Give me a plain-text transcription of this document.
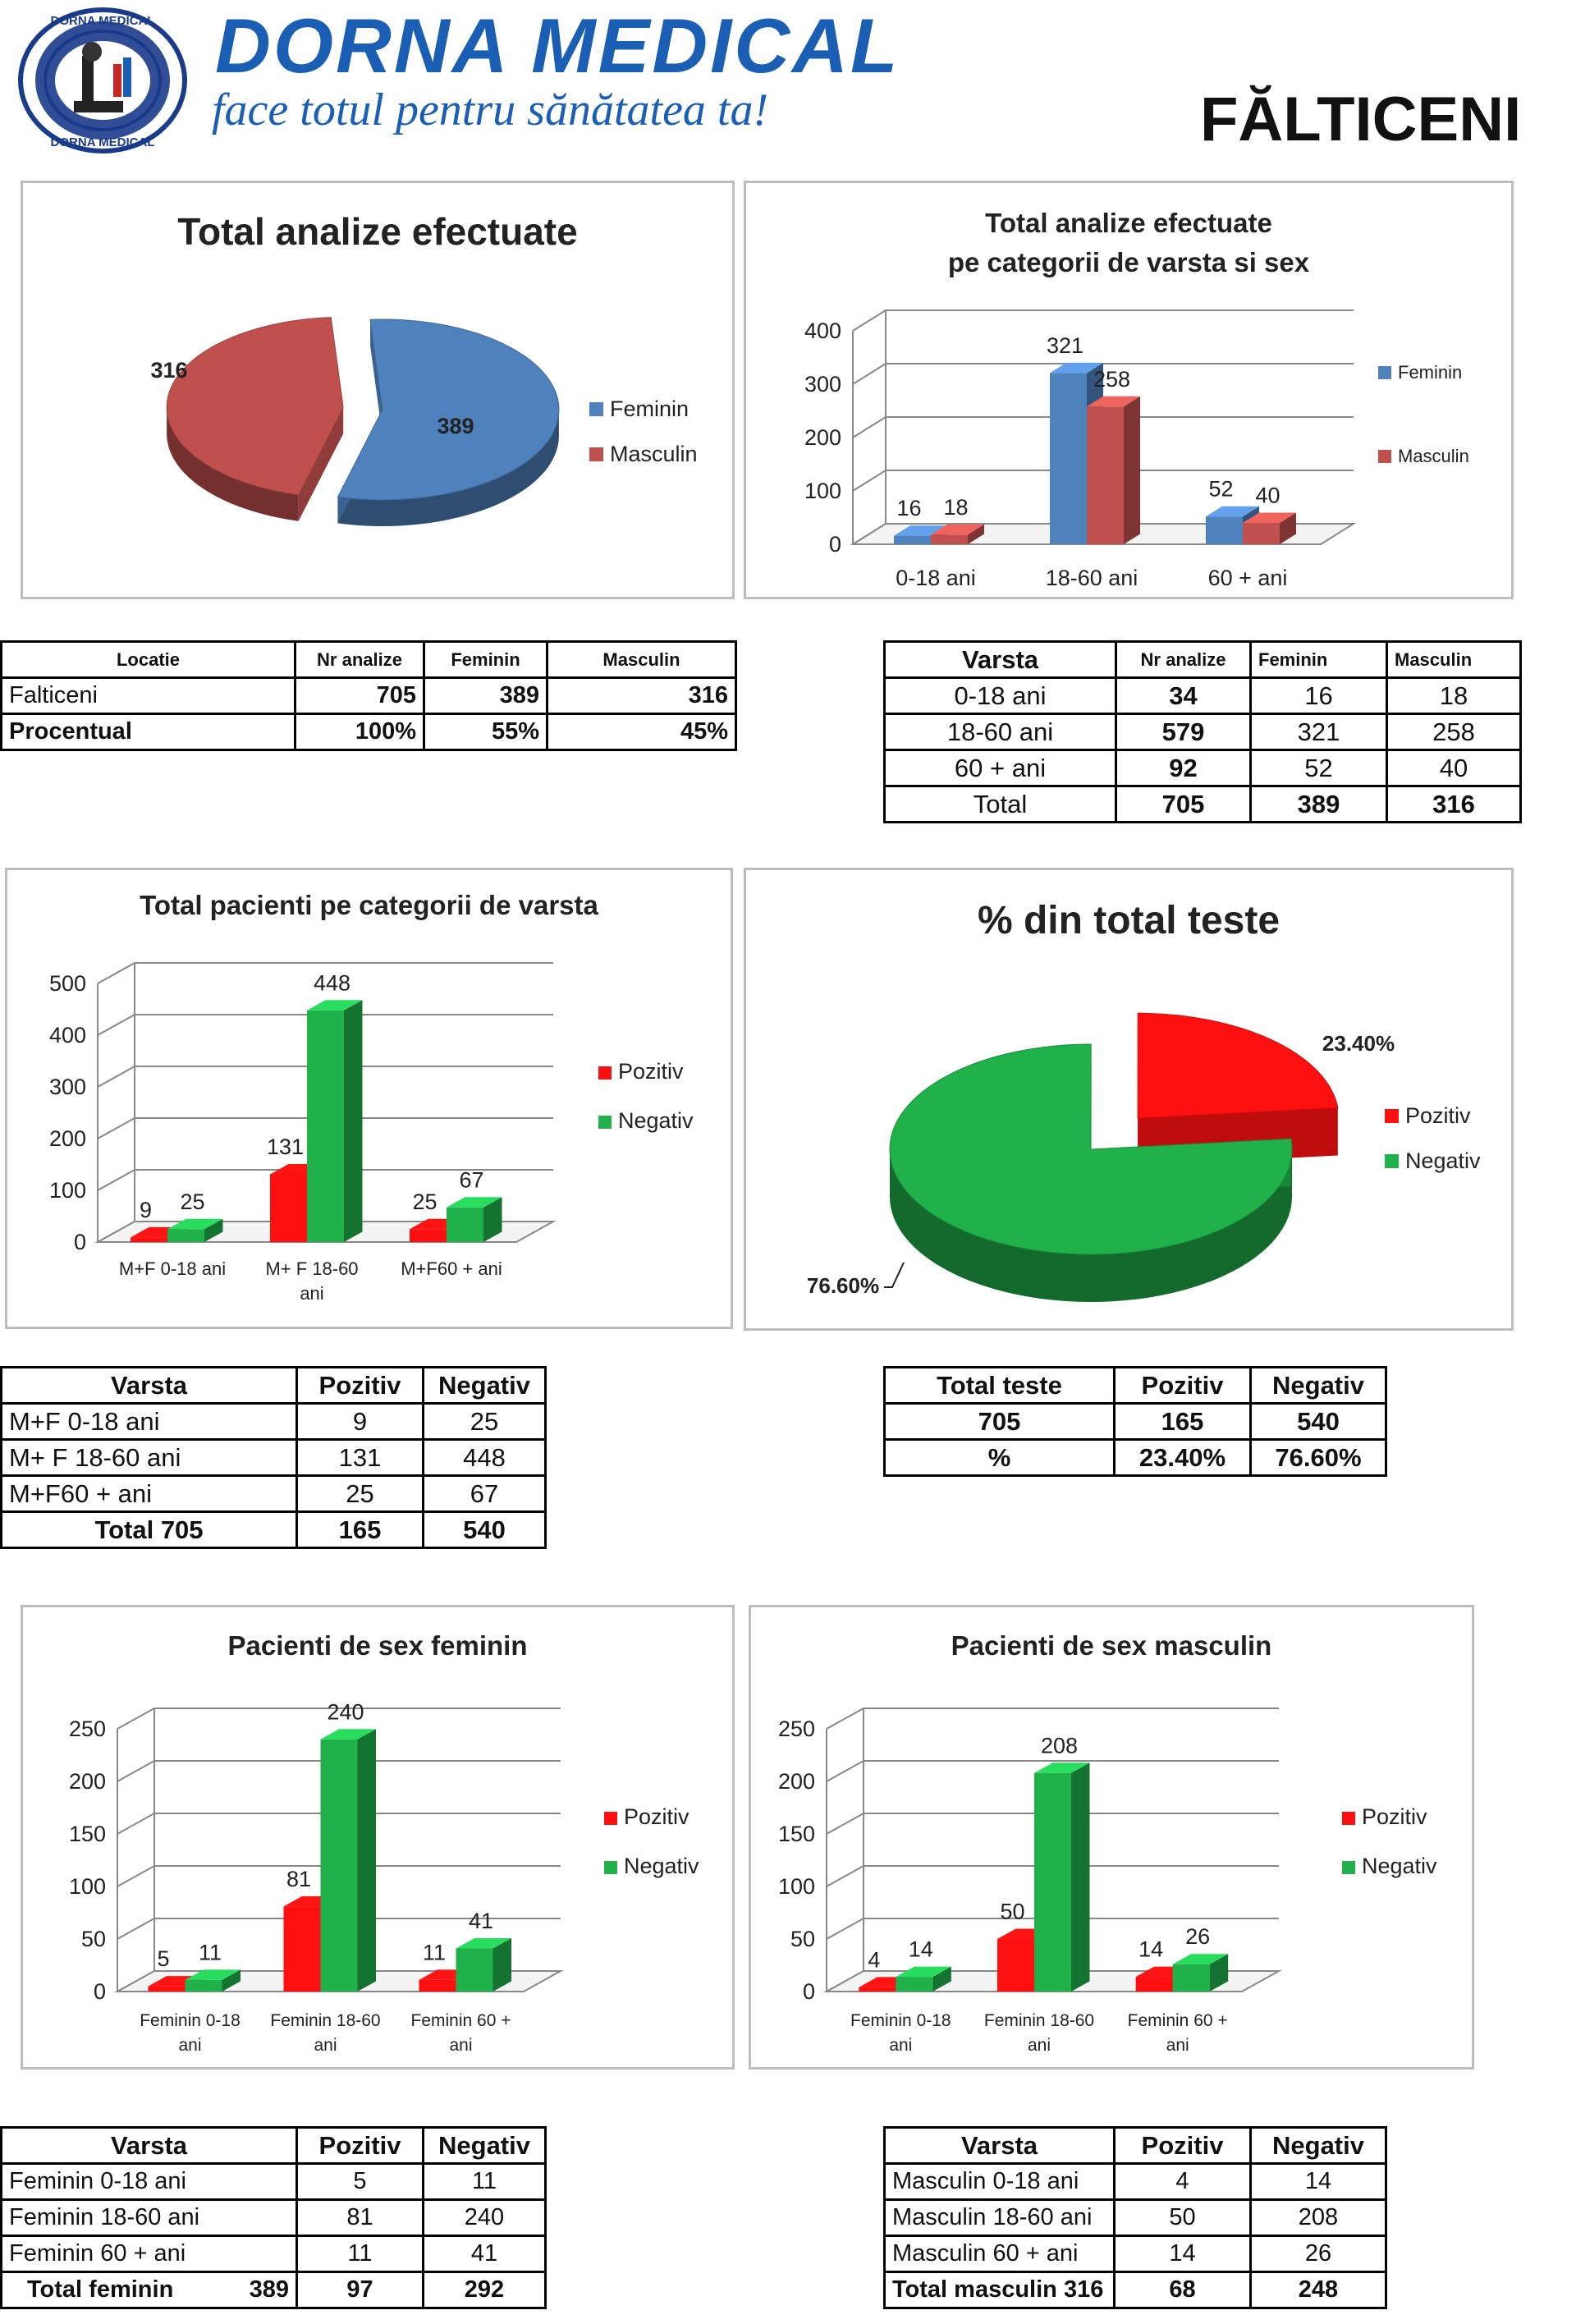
DORNA MEDICAL
DORNA MEDICAL
DORNA MEDICAL
face totul pentru sănătatea ta!	FĂLTICENI
Total analize efectuate
389
316
Feminin
Masculin
Total analize efectuate
pe categorii de varsta si sex
0
100
200
300
400
16 18
0-18 ani
321
258
18-60 ani
52 40
60 + ani
Feminin
Masculin
Locatie	Nr analize	Feminin	Masculin
Falticeni	705	389	316
Procentual	100%	55%	45%
Varsta	Nr analize	Feminin	Masculin
0-18 ani	34	16	18
18-60 ani	579	321	258
60 + ani	92	52	40
Total	705	389	316
Total pacienti pe categorii de varsta
0
100
200
300
400
500
9 25
M+F 0-18 ani
131
448
M+ F 18-60
ani
25
67
M+F60 + ani
Pozitiv
Negativ
% din total teste
23.40%
76.60%
Pozitiv
Negativ
Varsta	Pozitiv	Negativ
M+F 0-18 ani	9	25
M+ F 18-60 ani	131	448
M+F60 + ani	25	67
Total 705	165	540
Total teste	Pozitiv	Negativ
705	165	540
%	23.40%	76.60%
Pacienti de sex feminin
0
50
100
150
200
250
5 11
Feminin 0-18
ani
81
240
Feminin 18-60
ani
11
41
Feminin 60 +
ani
Pozitiv
Negativ
Pacienti de sex masculin
0
50
100
150
200
250
4 14
Feminin 0-18
ani
50
208
Feminin 18-60
ani
14
26
Feminin 60 +
ani
Pozitiv
Negativ
Varsta	Pozitiv	Negativ
Feminin 0-18 ani	5	11
Feminin 18-60 ani	81	240
Feminin 60 + ani	11	41
Total feminin 389	97	292
Varsta	Pozitiv	Negativ
Masculin 0-18 ani	4	14
Masculin 18-60 ani	50	208
Masculin 60 + ani	14	26
Total masculin 316	68	248
